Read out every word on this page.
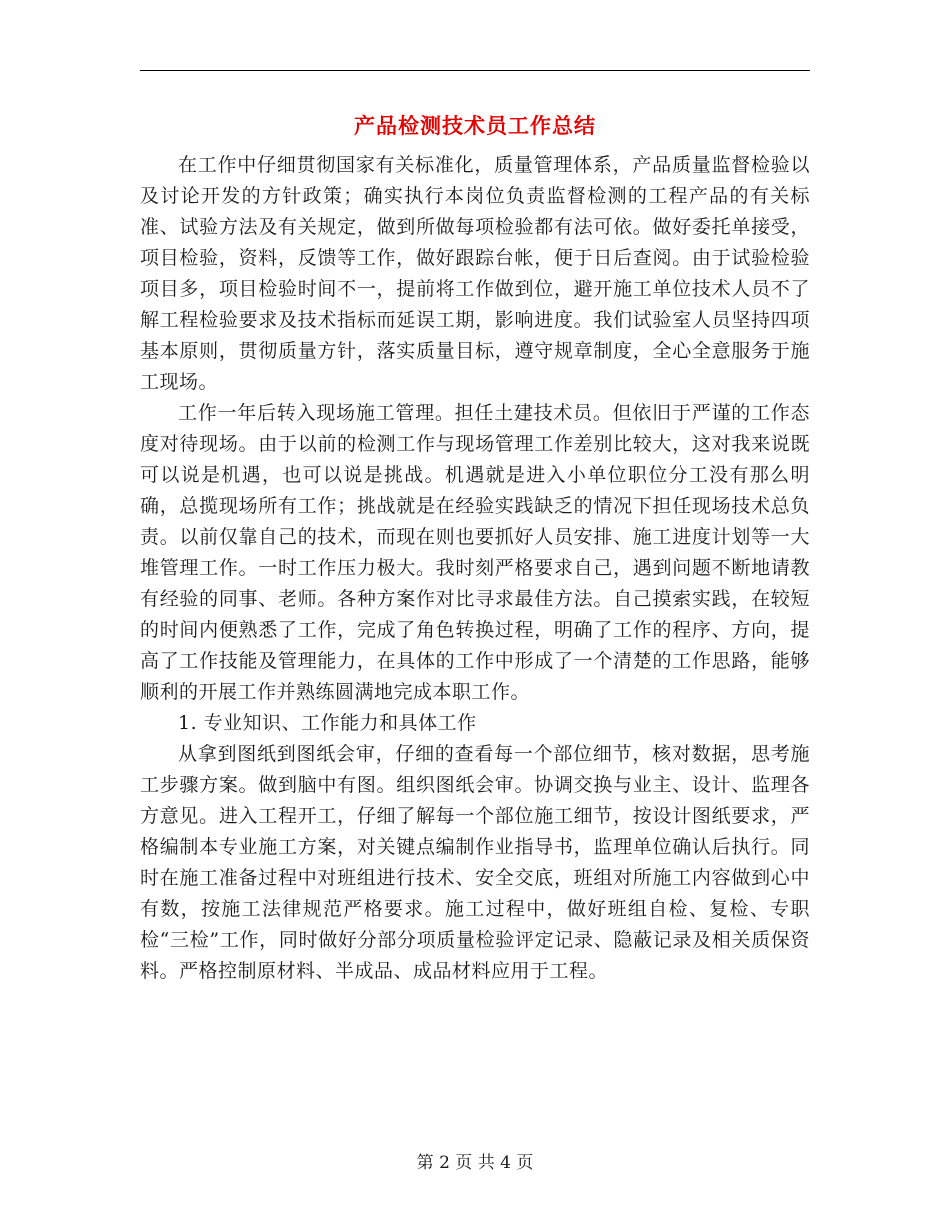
产品检测技术员工作总结

在工作中仔细贯彻国家有关标准化，质量管理体系，产品质量监督检验以及讨论开发的方针政策；确实执行本岗位负责监督检测的工程产品的有关标准、试验方法及有关规定，做到所做每项检验都有法可依。做好委托单接受，项目检验，资料，反馈等工作，做好跟踪台帐，便于日后查阅。由于试验检验项目多，项目检验时间不一，提前将工作做到位，避开施工单位技术人员不了解工程检验要求及技术指标而延误工期，影响进度。我们试验室人员坚持四项基本原则，贯彻质量方针，落实质量目标，遵守规章制度，全心全意服务于施工现场。

工作一年后转入现场施工管理。担任土建技术员。但依旧于严谨的工作态度对待现场。由于以前的检测工作与现场管理工作差别比较大，这对我来说既可以说是机遇，也可以说是挑战。机遇就是进入小单位职位分工没有那么明确，总揽现场所有工作；挑战就是在经验实践缺乏的情况下担任现场技术总负责。以前仅靠自己的技术，而现在则也要抓好人员安排、施工进度计划等一大堆管理工作。一时工作压力极大。我时刻严格要求自己，遇到问题不断地请教有经验的同事、老师。各种方案作对比寻求最佳方法。自己摸索实践，在较短的时间内便熟悉了工作，完成了角色转换过程，明确了工作的程序、方向，提高了工作技能及管理能力，在具体的工作中形成了一个清楚的工作思路，能够顺利的开展工作并熟练圆满地完成本职工作。

1. 专业知识、工作能力和具体工作

从拿到图纸到图纸会审，仔细的查看每一个部位细节，核对数据，思考施工步骤方案。做到脑中有图。组织图纸会审。协调交换与业主、设计、监理各方意见。进入工程开工，仔细了解每一个部位施工细节，按设计图纸要求，严格编制本专业施工方案，对关键点编制作业指导书，监理单位确认后执行。同时在施工准备过程中对班组进行技术、安全交底，班组对所施工内容做到心中有数，按施工法律规范严格要求。施工过程中，做好班组自检、复检、专职检“三检”工作，同时做好分部分项质量检验评定记录、隐蔽记录及相关质保资料。严格控制原材料、半成品、成品材料应用于工程。

第 2 页 共 4 页
